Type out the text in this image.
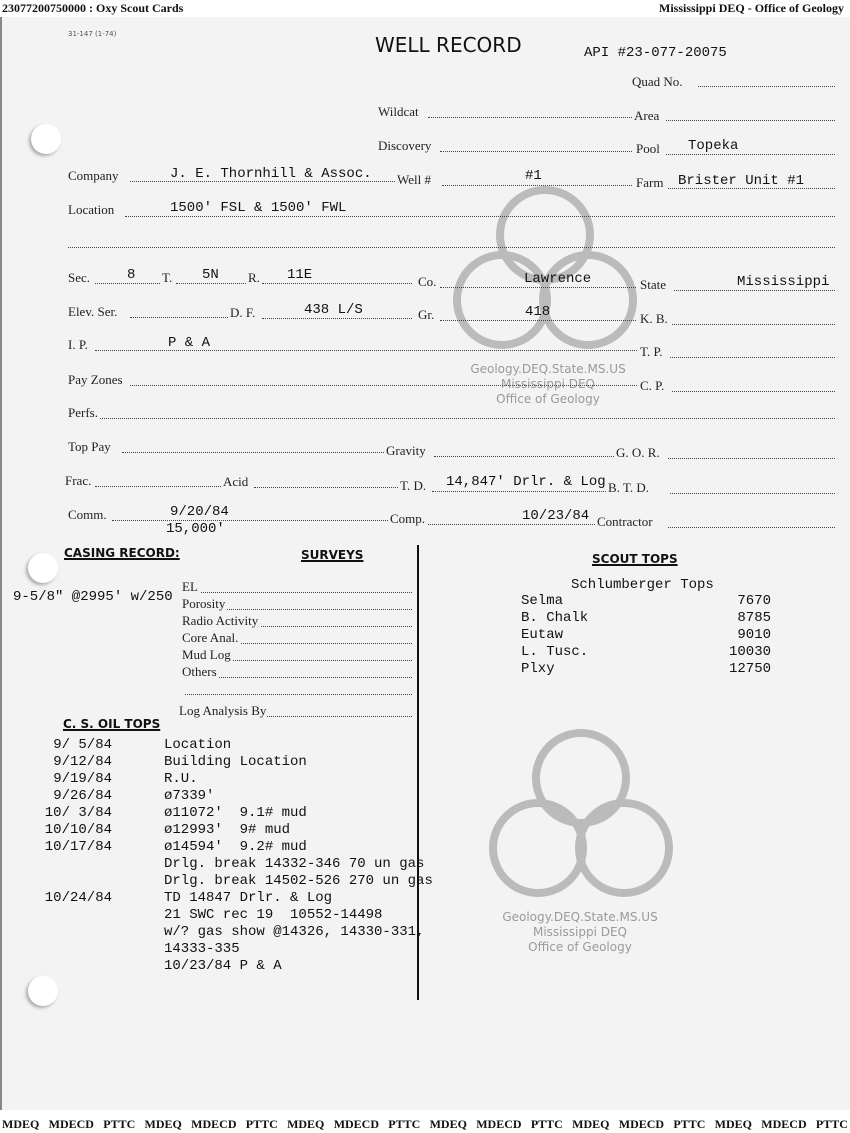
23077200750000 : Oxy Scout Cards	Mississippi DEQ - Office of Geology
Geology.DEQ.State.MS.US
Mississippi DEQ
Office of Geology
Geology.DEQ.State.MS.US
Mississippi DEQ
Office of Geology
31-147 (1-74)	WELL RECORD	API #23-077-20075
Quad No.
Wildcat	Area
Discovery	Pool Topeka
Company	J. E. Thornhill & Assoc. Well #	#1	Farm Brister Unit #1
Location	1500' FSL & 1500' FWL
Sec.	8 T. 5N R. 11E	Co.	Lawrence	State	Mississippi
Elev. Ser.	D. F.	438 L/S	Gr.	418	K. B.
I. P.	P & A
T. P.
Pay Zones	C. P.
Perfs.
Top Pay	Gravity	G. O. R.
Frac.	Acid	T. D. 14,847' Drlr. & Log B. T. D.
Comm.	9/20/84
15,000'
Comp.	10/23/84 Contractor
CASING RECORD:	SURVEYS
9-5/8" @2995' w/250
EL
Porosity
Radio Activity
Core Anal.
Mud Log
Others
Log Analysis By
C. S. OIL TOPS
9/ 5/84	Location
9/12/84	Building Location
9/19/84	R.U.
9/26/84	ø7339'
10/ 3/84	ø11072'  9.1# mud
10/10/84	ø12993'  9# mud
10/17/84	ø14594'  9.2# mud
Drlg. break 14332-346 70 un gas
Drlg. break 14502-526 270 un gas
10/24/84	TD 14847 Drlr. & Log
21 SWC rec 19  10552-14498
w/? gas show @14326, 14330-331,
14333-335
10/23/84 P & A
SCOUT TOPS
Schlumberger Tops
Selma	7670
B. Chalk	8785
Eutaw	9010
L. Tusc.	10030
Plxy	12750
MDEQ MDECD PTTC MDEQ MDECD PTTC MDEQ MDECD PTTC MDEQ MDECD PTTC MDEQ MDECD PTTC MDEQ MDECD PTTC
